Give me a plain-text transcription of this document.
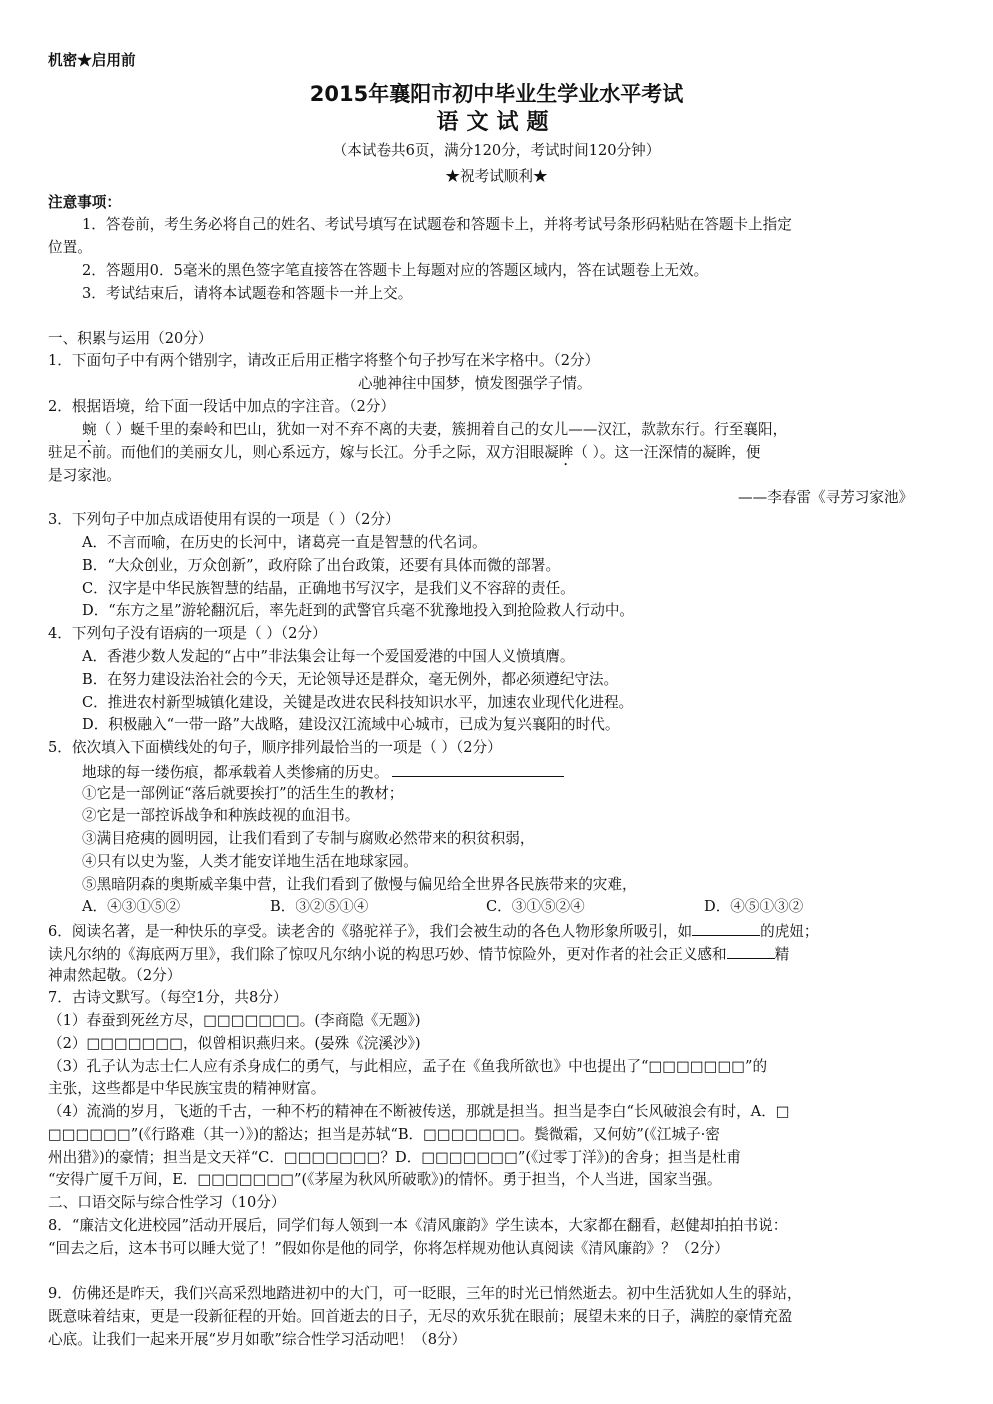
机密★启用前
2015年襄阳市初中毕业生学业水平考试
语文试题
（本试卷共6页，满分120分，考试时间120分钟）
★祝考试顺利★
注意事项：
1．答卷前，考生务必将自己的姓名、考试号填写在试题卷和答题卡上，并将考试号条形码粘贴在答题卡上指定
位置。
2．答题用0．5毫米的黑色签字笔直接答在答题卡上每题对应的答题区域内，答在试题卷上无效。
3．考试结束后，请将本试题卷和答题卡一并上交。
一、积累与运用（20分）
1．下面句子中有两个错别字，请改正后用正楷字将整个句子抄写在米字格中。（2分）
心驰神往中国梦，愤发图强学子情。
2．根据语境，给下面一段话中加点的字注音。（2分）
蜿（ ）蜒千里的秦岭和巴山，犹如一对不弃不离的夫妻，簇拥着自己的女儿——汉江，款款东行。行至襄阳，
驻足不前。而他们的美丽女儿，则心系远方，嫁与长江。分手之际，双方泪眼凝眸（ ）。这一汪深情的凝眸，便
是习家池。
——李春雷《寻芳习家池》
3．下列句子中加点成语使用有误的一项是（ ）（2分）
A．不言而喻，在历史的长河中，诸葛亮一直是智慧的代名词。
B．“大众创业，万众创新”，政府除了出台政策，还要有具体而微的部署。
C．汉字是中华民族智慧的结晶，正确地书写汉字，是我们义不容辞的责任。
D．“东方之星”游轮翻沉后，率先赶到的武警官兵毫不犹豫地投入到抢险救人行动中。
4．下列句子没有语病的一项是（ ）（2分）
A．香港少数人发起的“占中”非法集会让每一个爱国爱港的中国人义愤填膺。
B．在努力建设法治社会的今天，无论领导还是群众，毫无例外，都必须遵纪守法。
C．推进农村新型城镇化建设，关键是改进农民科技知识水平，加速农业现代化进程。
D．积极融入“一带一路”大战略，建设汉江流域中心城市，已成为复兴襄阳的时代。
5．依次填入下面横线处的句子，顺序排列最恰当的一项是（ ）（2分）
地球的每一缕伤痕，都承载着人类惨痛的历史。
①它是一部例证“落后就要挨打”的活生生的教材；
②它是一部控诉战争和种族歧视的血泪书。
③满目疮痍的圆明园，让我们看到了专制与腐败必然带来的积贫积弱，
④只有以史为鉴，人类才能安详地生活在地球家园。
⑤黑暗阴森的奥斯威辛集中营，让我们看到了傲慢与偏见给全世界各民族带来的灾难，
A．④③①⑤②	B．③②⑤①④	C．③①⑤②④	D．④⑤①③②
6．阅读名著，是一种快乐的享受。读老舍的《骆驼祥子》，我们会被生动的各色人物形象所吸引，如	的虎妞；
读凡尔纳的《海底两万里》，我们除了惊叹凡尔纳小说的构思巧妙、情节惊险外，更对作者的社会正义感和	精
神肃然起敬。（2分）
7．古诗文默写。（每空1分，共8分）
（1）春蚕到死丝方尽，□□□□□□□。(李商隐《无题》)
（2）□□□□□□□，似曾相识燕归来。(晏殊《浣溪沙》)
（3）孔子认为志士仁人应有杀身成仁的勇气，与此相应，孟子在《鱼我所欲也》中也提出了“□□□□□□□”的
主张，这些都是中华民族宝贵的精神财富。
（4）流淌的岁月，飞逝的千古，一种不朽的精神在不断被传送，那就是担当。担当是李白“长风破浪会有时，A．□
□□□□□□”(《行路难（其一）》)的豁达；担当是苏轼“B．□□□□□□□。鬓微霜，又何妨”(《江城子·密
州出猎》)的豪情；担当是文天祥“C．□□□□□□□？D．□□□□□□□”(《过零丁洋》)的舍身；担当是杜甫
“安得广厦千万间，E．□□□□□□□”(《茅屋为秋风所破歌》)的情怀。勇于担当，个人当进，国家当强。
二、口语交际与综合性学习（10分）
8．“廉洁文化进校园”活动开展后，同学们每人领到一本《清风廉韵》学生读本，大家都在翻看，赵健却拍拍书说：
“回去之后，这本书可以睡大觉了！”假如你是他的同学，你将怎样规劝他认真阅读《清风廉韵》？（2分）
9．仿佛还是昨天，我们兴高采烈地踏进初中的大门，可一眨眼，三年的时光已悄然逝去。初中生活犹如人生的驿站，
既意味着结束，更是一段新征程的开始。回首逝去的日子，无尽的欢乐犹在眼前；展望未来的日子，满腔的豪情充盈
心底。让我们一起来开展“岁月如歌”综合性学习活动吧！（8分）
